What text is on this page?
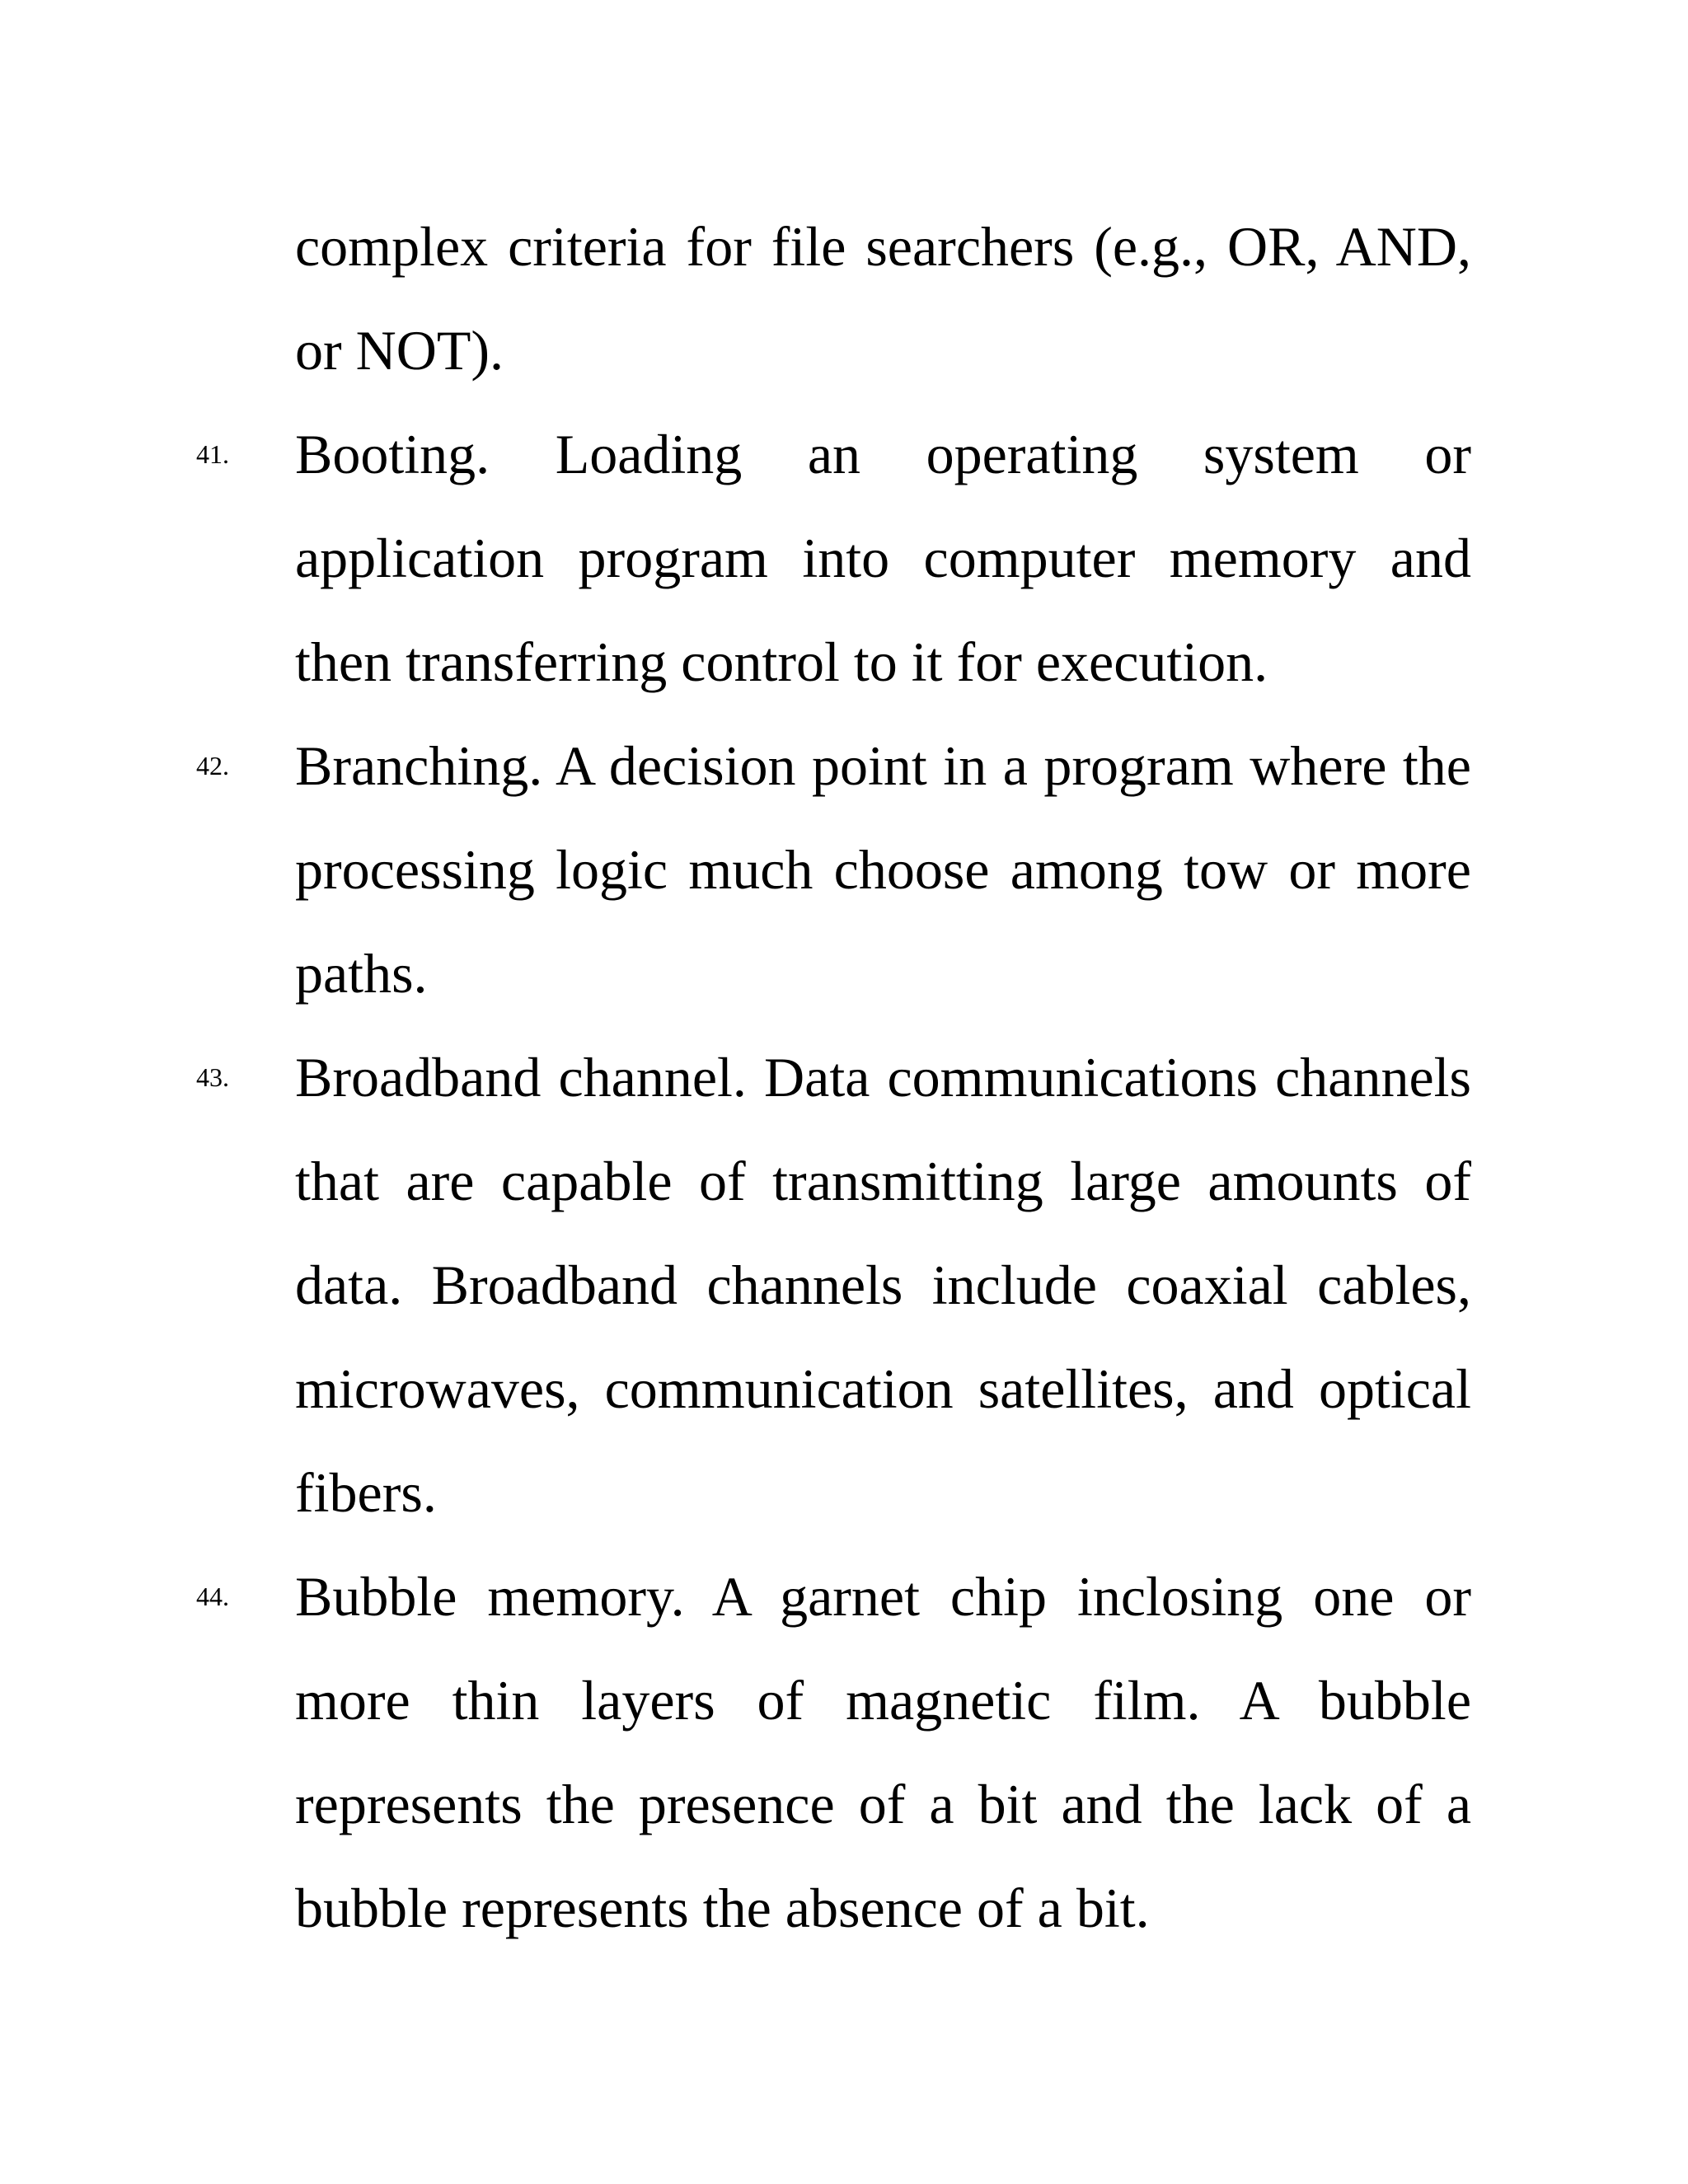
complex criteria for file searchers (e.g., OR, AND, or NOT).
41.	Booting. Loading an operating system or application program into computer memory and then transferring control to it for execution.
42.	Branching. A decision point in a program where the processing logic much choose among tow or more paths.
43.	Broadband channel. Data communications channels that are capable of transmitting large amounts of data. Broadband channels include coaxial cables, microwaves, communication satellites, and optical fibers.
44.	Bubble memory. A garnet chip inclosing one or more thin layers of magnetic film. A bubble represents the presence of a bit and the lack of a bubble represents the absence of a bit.
